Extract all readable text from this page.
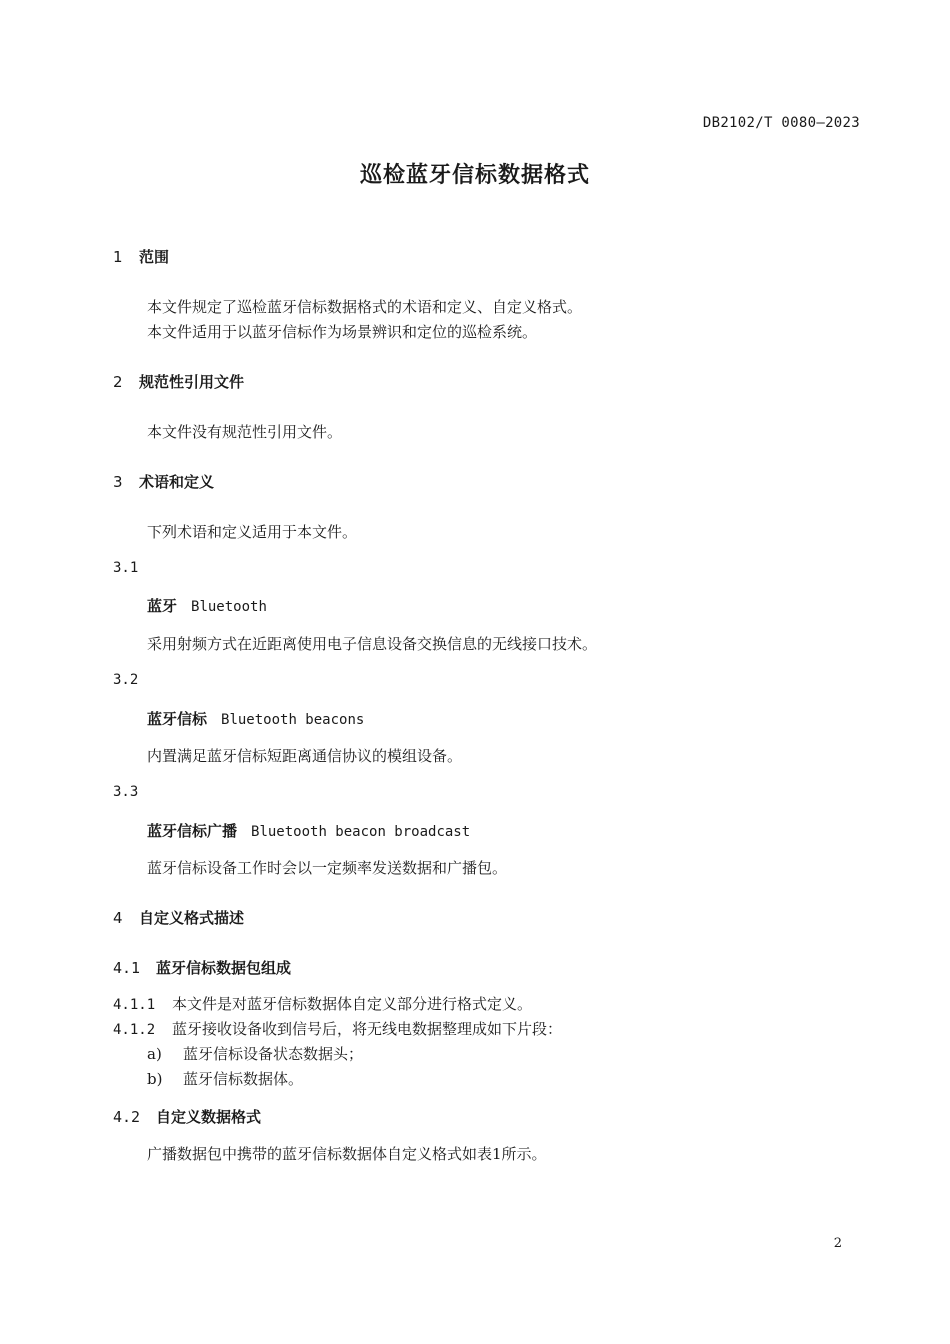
DB2102/T 0080—2023
巡检蓝牙信标数据格式
1 范围
本文件规定了巡检蓝牙信标数据格式的术语和定义、自定义格式。
本文件适用于以蓝牙信标作为场景辨识和定位的巡检系统。
2 规范性引用文件
本文件没有规范性引用文件。
3 术语和定义
下列术语和定义适用于本文件。
3.1
蓝牙 Bluetooth
采用射频方式在近距离使用电子信息设备交换信息的无线接口技术。
3.2
蓝牙信标 Bluetooth beacons
内置满足蓝牙信标短距离通信协议的模组设备。
3.3
蓝牙信标广播 Bluetooth beacon broadcast
蓝牙信标设备工作时会以一定频率发送数据和广播包。
4 自定义格式描述
4.1 蓝牙信标数据包组成
4.1.1 本文件是对蓝牙信标数据体自定义部分进行格式定义。
4.1.2 蓝牙接收设备收到信号后，将无线电数据整理成如下片段：
a) 蓝牙信标设备状态数据头；
b) 蓝牙信标数据体。
4.2 自定义数据格式
广播数据包中携带的蓝牙信标数据体自定义格式如表1所示。
2
